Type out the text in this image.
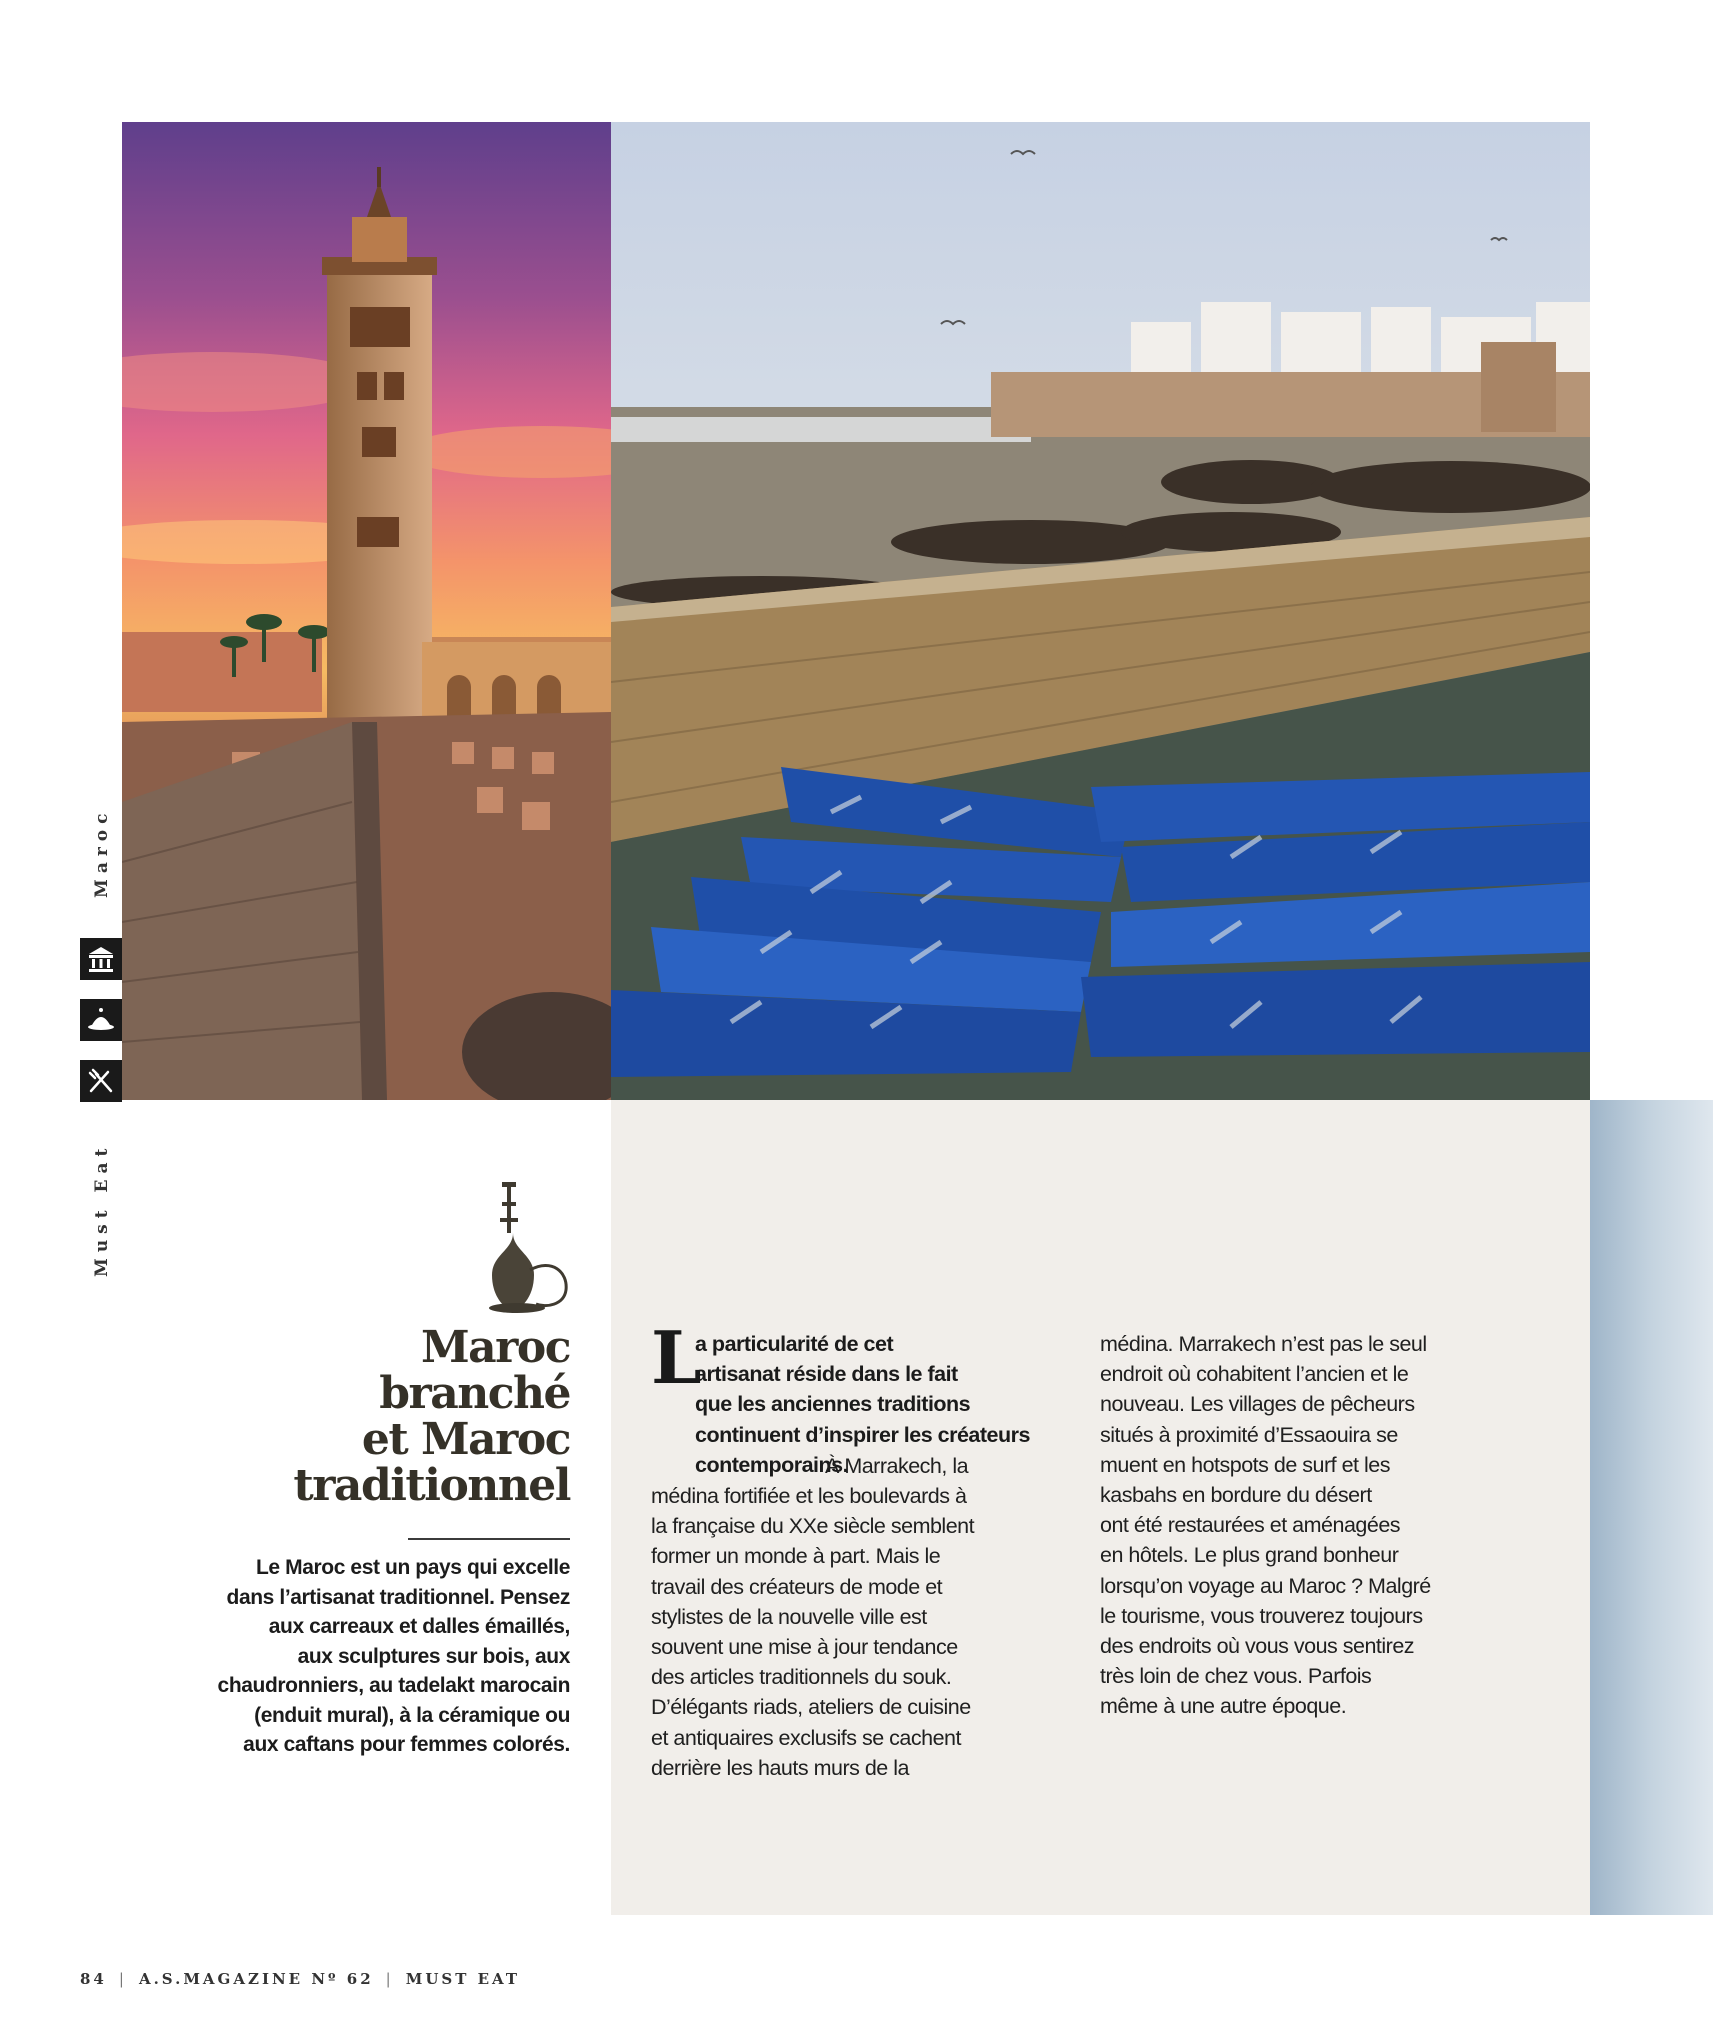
Maroc
Must Eat
Maroc
branché
et Maroc
traditionnel
Le Maroc est un pays qui excelle
dans l’artisanat traditionnel. Pensez
aux carreaux et dalles émaillés,
aux sculptures sur bois, aux
chaudronniers, au tadelakt marocain
(enduit mural), à la céramique ou
aux caftans pour femmes colorés.
L
a particularité de cet
artisanat réside dans le fait
que les anciennes traditions
continuent d’inspirer les créateurs
contemporains.
À Marrakech, la
médina fortifiée et les boulevards à
la française du XXe siècle semblent
former un monde à part. Mais le
travail des créateurs de mode et
stylistes de la nouvelle ville est
souvent une mise à jour tendance
des articles traditionnels du souk.
D’élégants riads, ateliers de cuisine
et antiquaires exclusifs se cachent
derrière les hauts murs de la
médina. Marrakech n’est pas le seul
endroit où cohabitent l’ancien et le
nouveau. Les villages de pêcheurs
situés à proximité d’Essaouira se
muent en hotspots de surf et les
kasbahs en bordure du désert
ont été restaurées et aménagées
en hôtels. Le plus grand bonheur
lorsqu’on voyage au Maroc ? Malgré
le tourisme, vous trouverez toujours
des endroits où vous vous sentirez
très loin de chez vous. Parfois
même à une autre époque.
84 | A.S.MAGAZINE Nº 62 | MUST EAT
